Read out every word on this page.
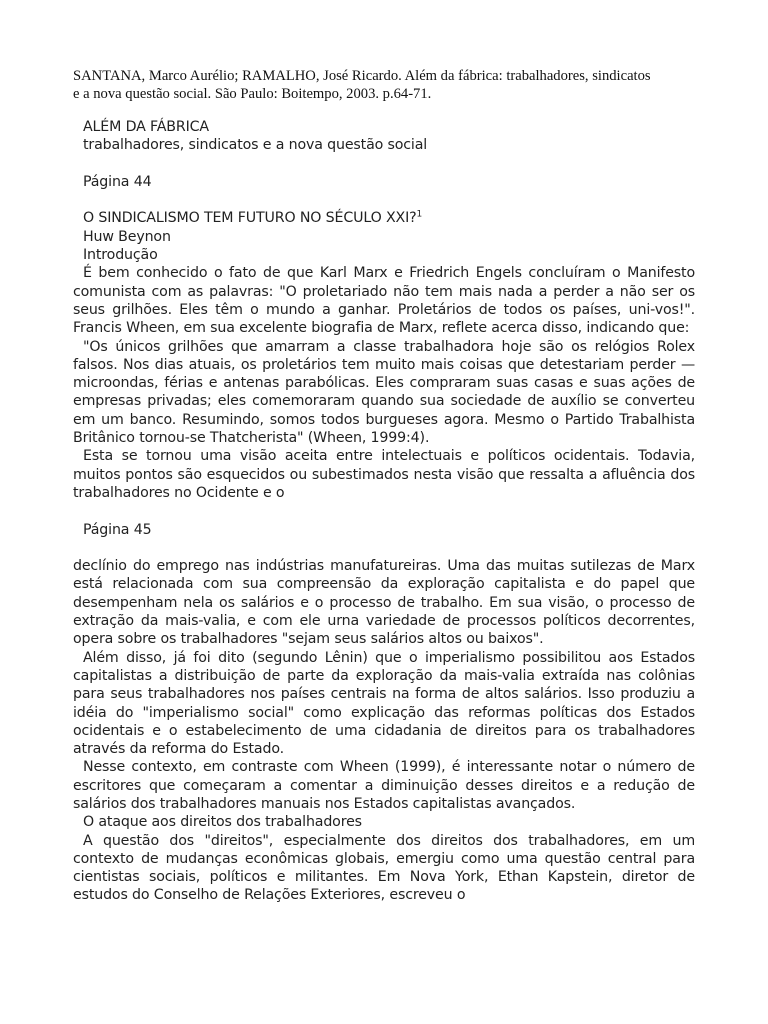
SANTANA, Marco Aurélio; RAMALHO, José Ricardo. Além da fábrica: trabalhadores, sindicatos
e a nova questão social. São Paulo: Boitempo, 2003. p.64-71.
ALÉM DA FÁBRICA
trabalhadores, sindicatos e a nova questão social
Página 44
O SINDICALISMO TEM FUTURO NO SÉCULO XXI?$^1$
Huw Beynon
Introdução
É bem conhecido o fato de que Karl Marx e Friedrich Engels concluíram o Manifesto comunista com as palavras: "O proletariado não tem mais nada a perder a não ser os seus grilhões. Eles têm o mundo a ganhar. Proletários de todos os países, uni-vos!". Francis Wheen, em sua excelente biografia de Marx, reflete acerca disso, indicando que:
"Os únicos grilhões que amarram a classe trabalhadora hoje são os relógios Rolex falsos. Nos dias atuais, os proletários tem muito mais coisas que detestariam perder — microondas, férias e antenas parabólicas. Eles compraram suas casas e suas ações de empresas privadas; eles comemoraram quando sua sociedade de auxílio se converteu em um banco. Resumindo, somos todos burgueses agora. Mesmo o Partido Trabalhista Britânico tornou-se Thatcherista" (Wheen, 1999:4).
Esta se tornou uma visão aceita entre intelectuais e políticos ocidentais. Todavia, muitos pontos são esquecidos ou subestimados nesta visão que ressalta a afluência dos trabalhadores no Ocidente e o
Página 45
declínio do emprego nas indústrias manufatureiras. Uma das muitas sutilezas de Marx está relacionada com sua compreensão da exploração capitalista e do papel que desempenham nela os salários e o processo de trabalho. Em sua visão, o processo de extração da mais-valia, e com ele urna variedade de processos políticos decorrentes, opera sobre os trabalhadores "sejam seus salários altos ou baixos".
Além disso, já foi dito (segundo Lênin) que o imperialismo possibilitou aos Estados capitalistas a distribuição de parte da exploração da mais-valia extraída nas colônias para seus trabalhadores nos países centrais na forma de altos salários. Isso produziu a idéia do "imperialismo social" como explicação das reformas políticas dos Estados ocidentais e o estabelecimento de uma cidadania de direitos para os trabalhadores através da reforma do Estado.
Nesse contexto, em contraste com Wheen (1999), é interessante notar o número de escritores que começaram a comentar a diminuição desses direitos e a redução de salários dos trabalhadores manuais nos Estados capitalistas avançados.
O ataque aos direitos dos trabalhadores
A questão dos "direitos", especialmente dos direitos dos trabalhadores, em um contexto de mudanças econômicas globais, emergiu como uma questão central para cientistas sociais, políticos e militantes. Em Nova York, Ethan Kapstein, diretor de estudos do Conselho de Relações Exteriores, escreveu o
